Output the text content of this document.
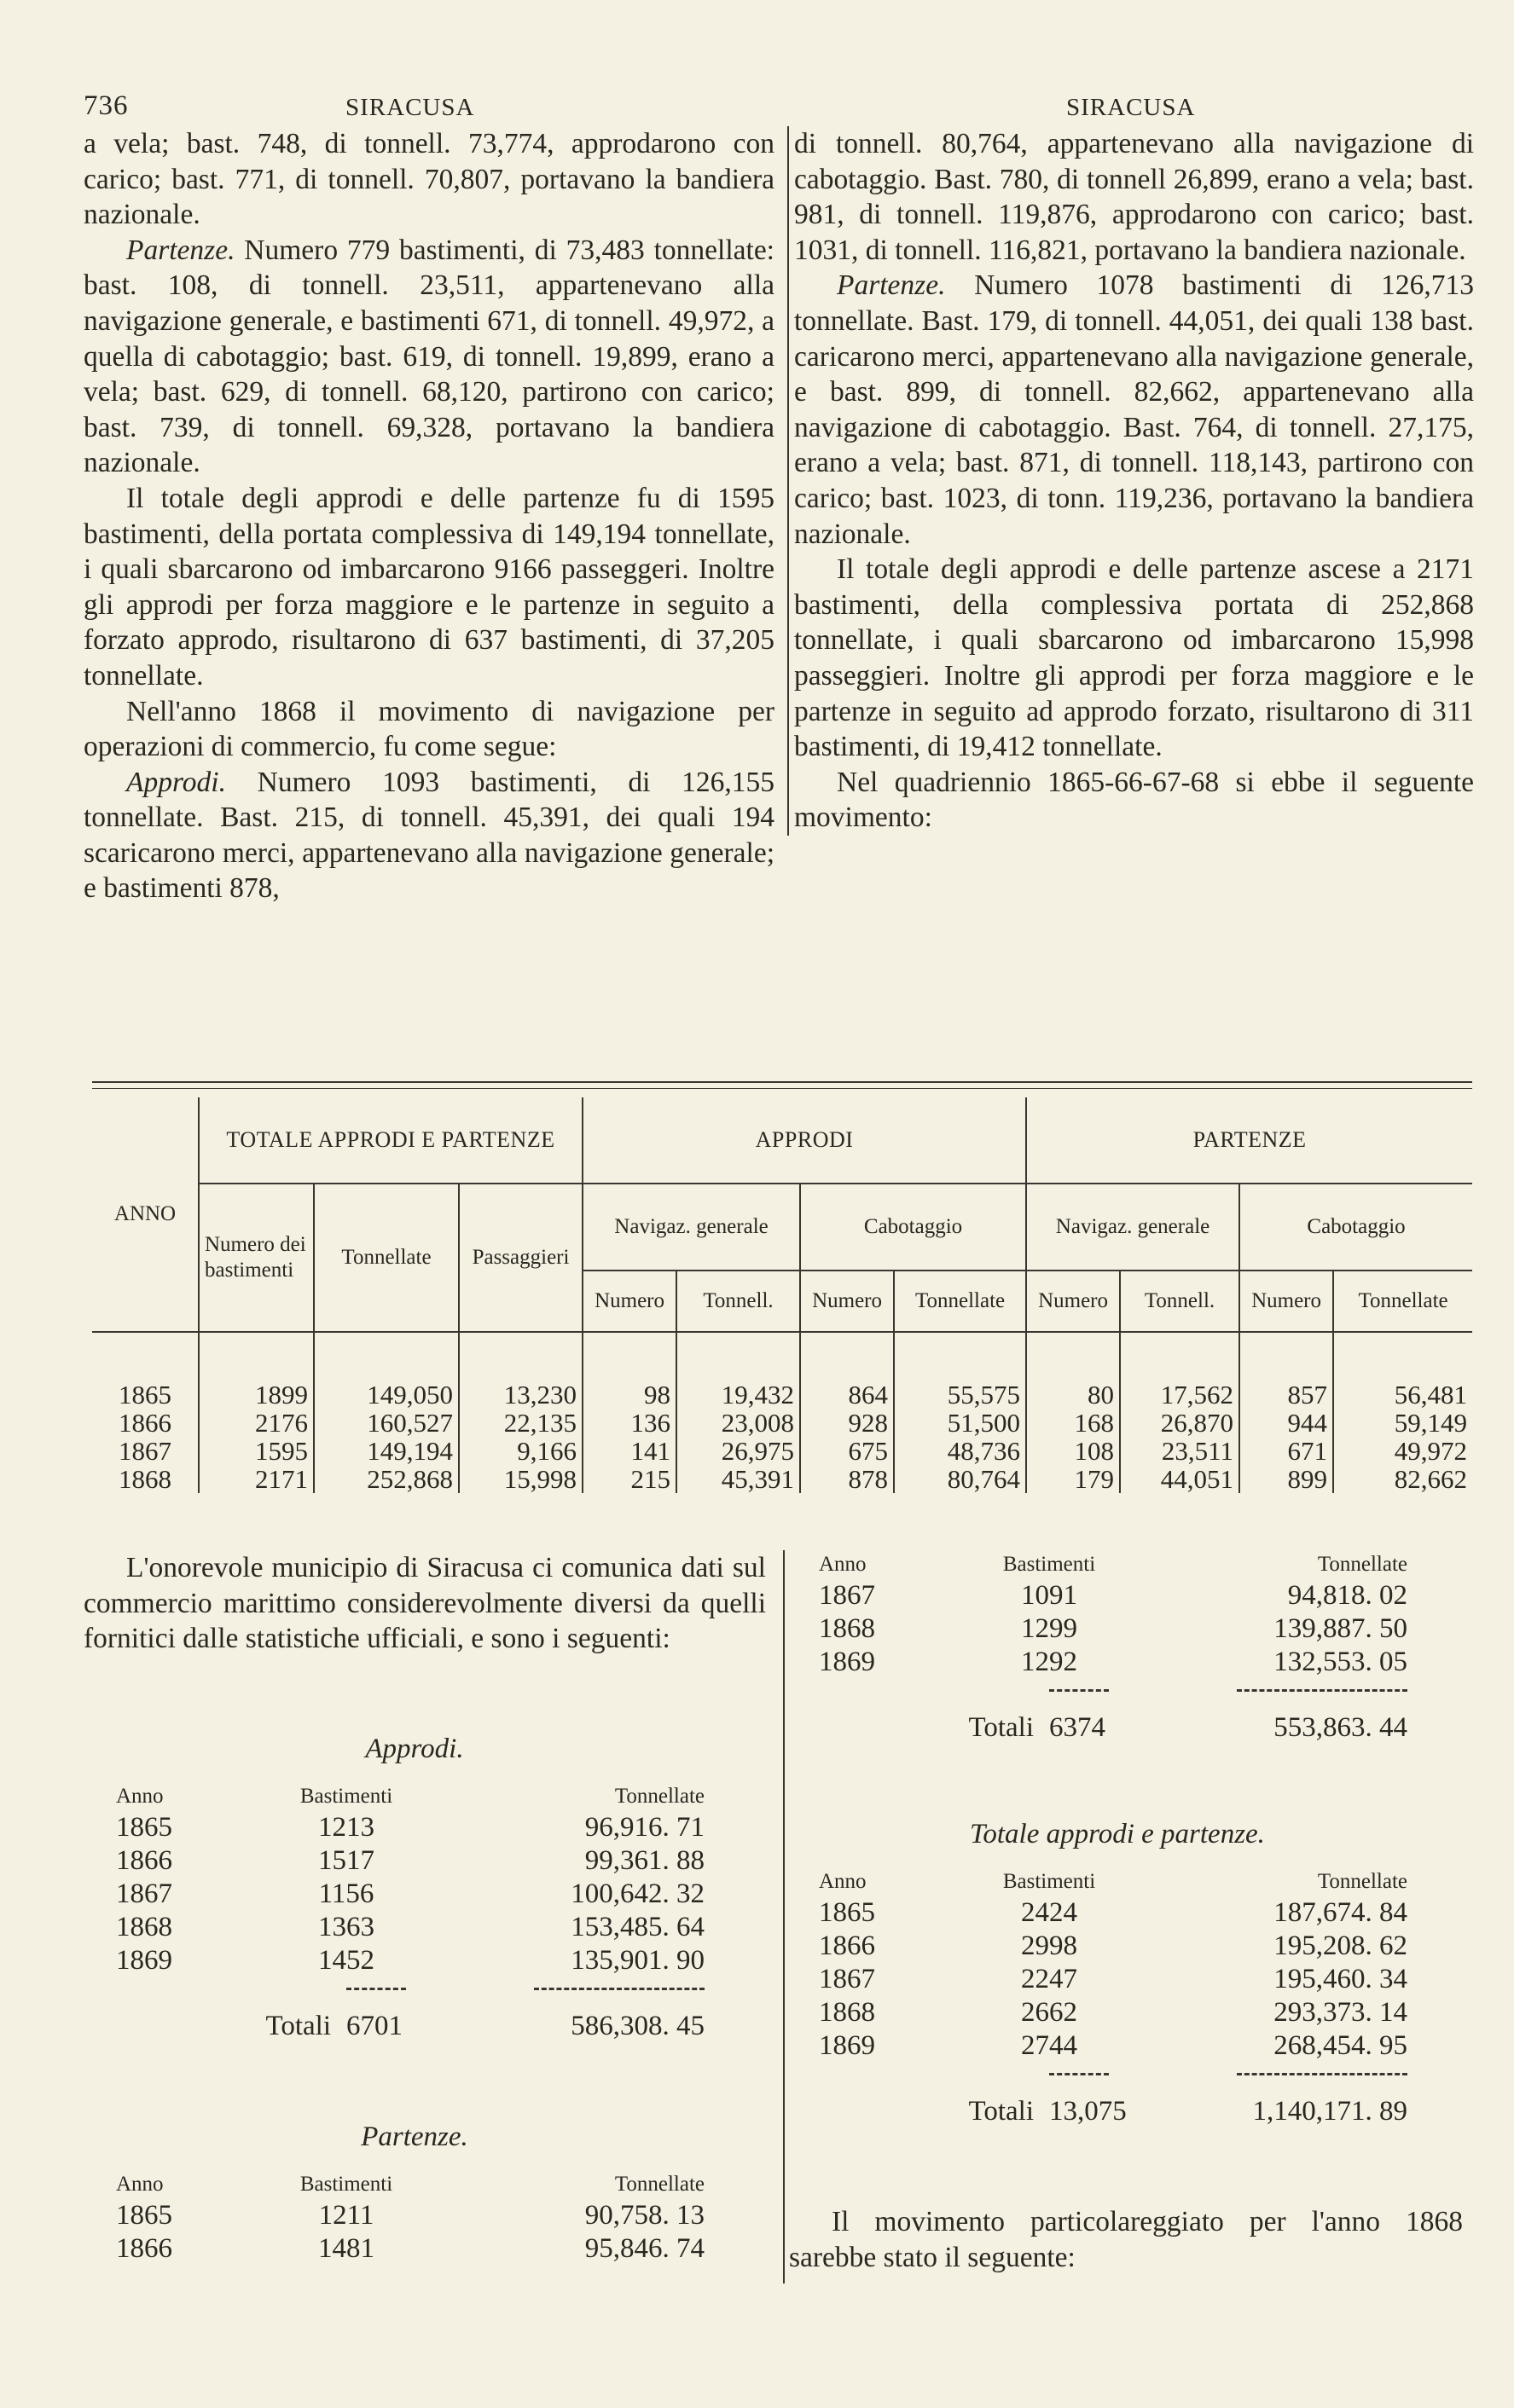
736	SIRACUSA	SIRACUSA

a vela; bast. 748, di tonnell. 73,774, approdarono con carico; bast. 771, di tonnell. 70,807, portavano la bandiera nazionale.

Partenze. Numero 779 bastimenti, di 73,483 tonnellate: bast. 108, di tonnell. 23,511, appartenevano alla navigazione generale, e bastimenti 671, di tonnell. 49,972, a quella di cabotaggio; bast. 619, di tonnell. 19,899, erano a vela; bast. 629, di tonnell. 68,120, partirono con carico; bast. 739, di tonnell. 69,328, portavano la bandiera nazionale.

Il totale degli approdi e delle partenze fu di 1595 bastimenti, della portata complessiva di 149,194 tonnellate, i quali sbarcarono od imbarcarono 9166 passeggeri. Inoltre gli approdi per forza maggiore e le partenze in seguito a forzato approdo, risultarono di 637 bastimenti, di 37,205 tonnellate.

Nell'anno 1868 il movimento di navigazione per operazioni di commercio, fu come segue:

Approdi. Numero 1093 bastimenti, di 126,155 tonnellate. Bast. 215, di tonnell. 45,391, dei quali 194 scaricarono merci, appartenevano alla navigazione generale; e bastimenti 878,

di tonnell. 80,764, appartenevano alla navigazione di cabotaggio. Bast. 780, di tonnell 26,899, erano a vela; bast. 981, di tonnell. 119,876, approdarono con carico; bast. 1031, di tonnell. 116,821, portavano la bandiera nazionale.

Partenze. Numero 1078 bastimenti di 126,713 tonnellate. Bast. 179, di tonnell. 44,051, dei quali 138 bast. caricarono merci, appartenevano alla navigazione generale, e bast. 899, di tonnell. 82,662, appartenevano alla navigazione di cabotaggio. Bast. 764, di tonnell. 27,175, erano a vela; bast. 871, di tonnell. 118,143, partirono con carico; bast. 1023, di tonn. 119,236, portavano la bandiera nazionale.

Il totale degli approdi e delle partenze ascese a 2171 bastimenti, della complessiva portata di 252,868 tonnellate, i quali sbarcarono od imbarcarono 15,998 passeggieri. Inoltre gli approdi per forza maggiore e le partenze in seguito ad approdo forzato, risultarono di 311 bastimenti, di 19,412 tonnellate.

Nel quadriennio 1865-66-67-68 si ebbe il seguente movimento:

ANNO	TOTALE APPRODI E PARTENZE			APPRODI				PARTENZE			
	Numero dei bastimenti	Tonnellate	Passaggieri	Navigaz. generale		Cabotaggio		Navigaz. generale		Cabotaggio	
				Numero	Tonnell.	Numero	Tonnellate	Numero	Tonnell.	Numero	Tonnellate

1865	1899	149,050	13,230	98	19,432	864	55,575	80	17,562	857	56,481
1866	2176	160,527	22,135	136	23,008	928	51,500	168	26,870	944	59,149
1867	1595	149,194	9,166	141	26,975	675	48,736	108	23,511	671	49,972
1868	2171	252,868	15,998	215	45,391	878	80,764	179	44,051	899	82,662

L'onorevole municipio di Siracusa ci comunica dati sul commercio marittimo considerevolmente diversi da quelli fornitici dalle statistiche ufficiali, e sono i seguenti:

Approdi.
Anno	Bastimenti	Tonnellate
1865	1213	96,916. 71
1866	1517	99,361. 88
1867	1156	100,642. 32
1868	1363	153,485. 64
1869	1452	135,901. 90
Totali 6701	586,308. 45
Partenze.
Anno	Bastimenti	Tonnellate
1865	1211	90,758. 13
1866	1481	95,846. 74
Anno	Bastimenti	Tonnellate
1867	1091	94,818. 02
1868	1299	139,887. 50
1869	1292	132,553. 05
Totali 6374	553,863. 44
Totale approdi e partenze.
Anno	Bastimenti	Tonnellate
1865	2424	187,674. 84
1866	2998	195,208. 62
1867	2247	195,460. 34
1868	2662	293,373. 14
1869	2744	268,454. 95
Totali 13,075	1,140,171. 89

Il movimento particolareggiato per l'anno 1868 sarebbe stato il seguente:
